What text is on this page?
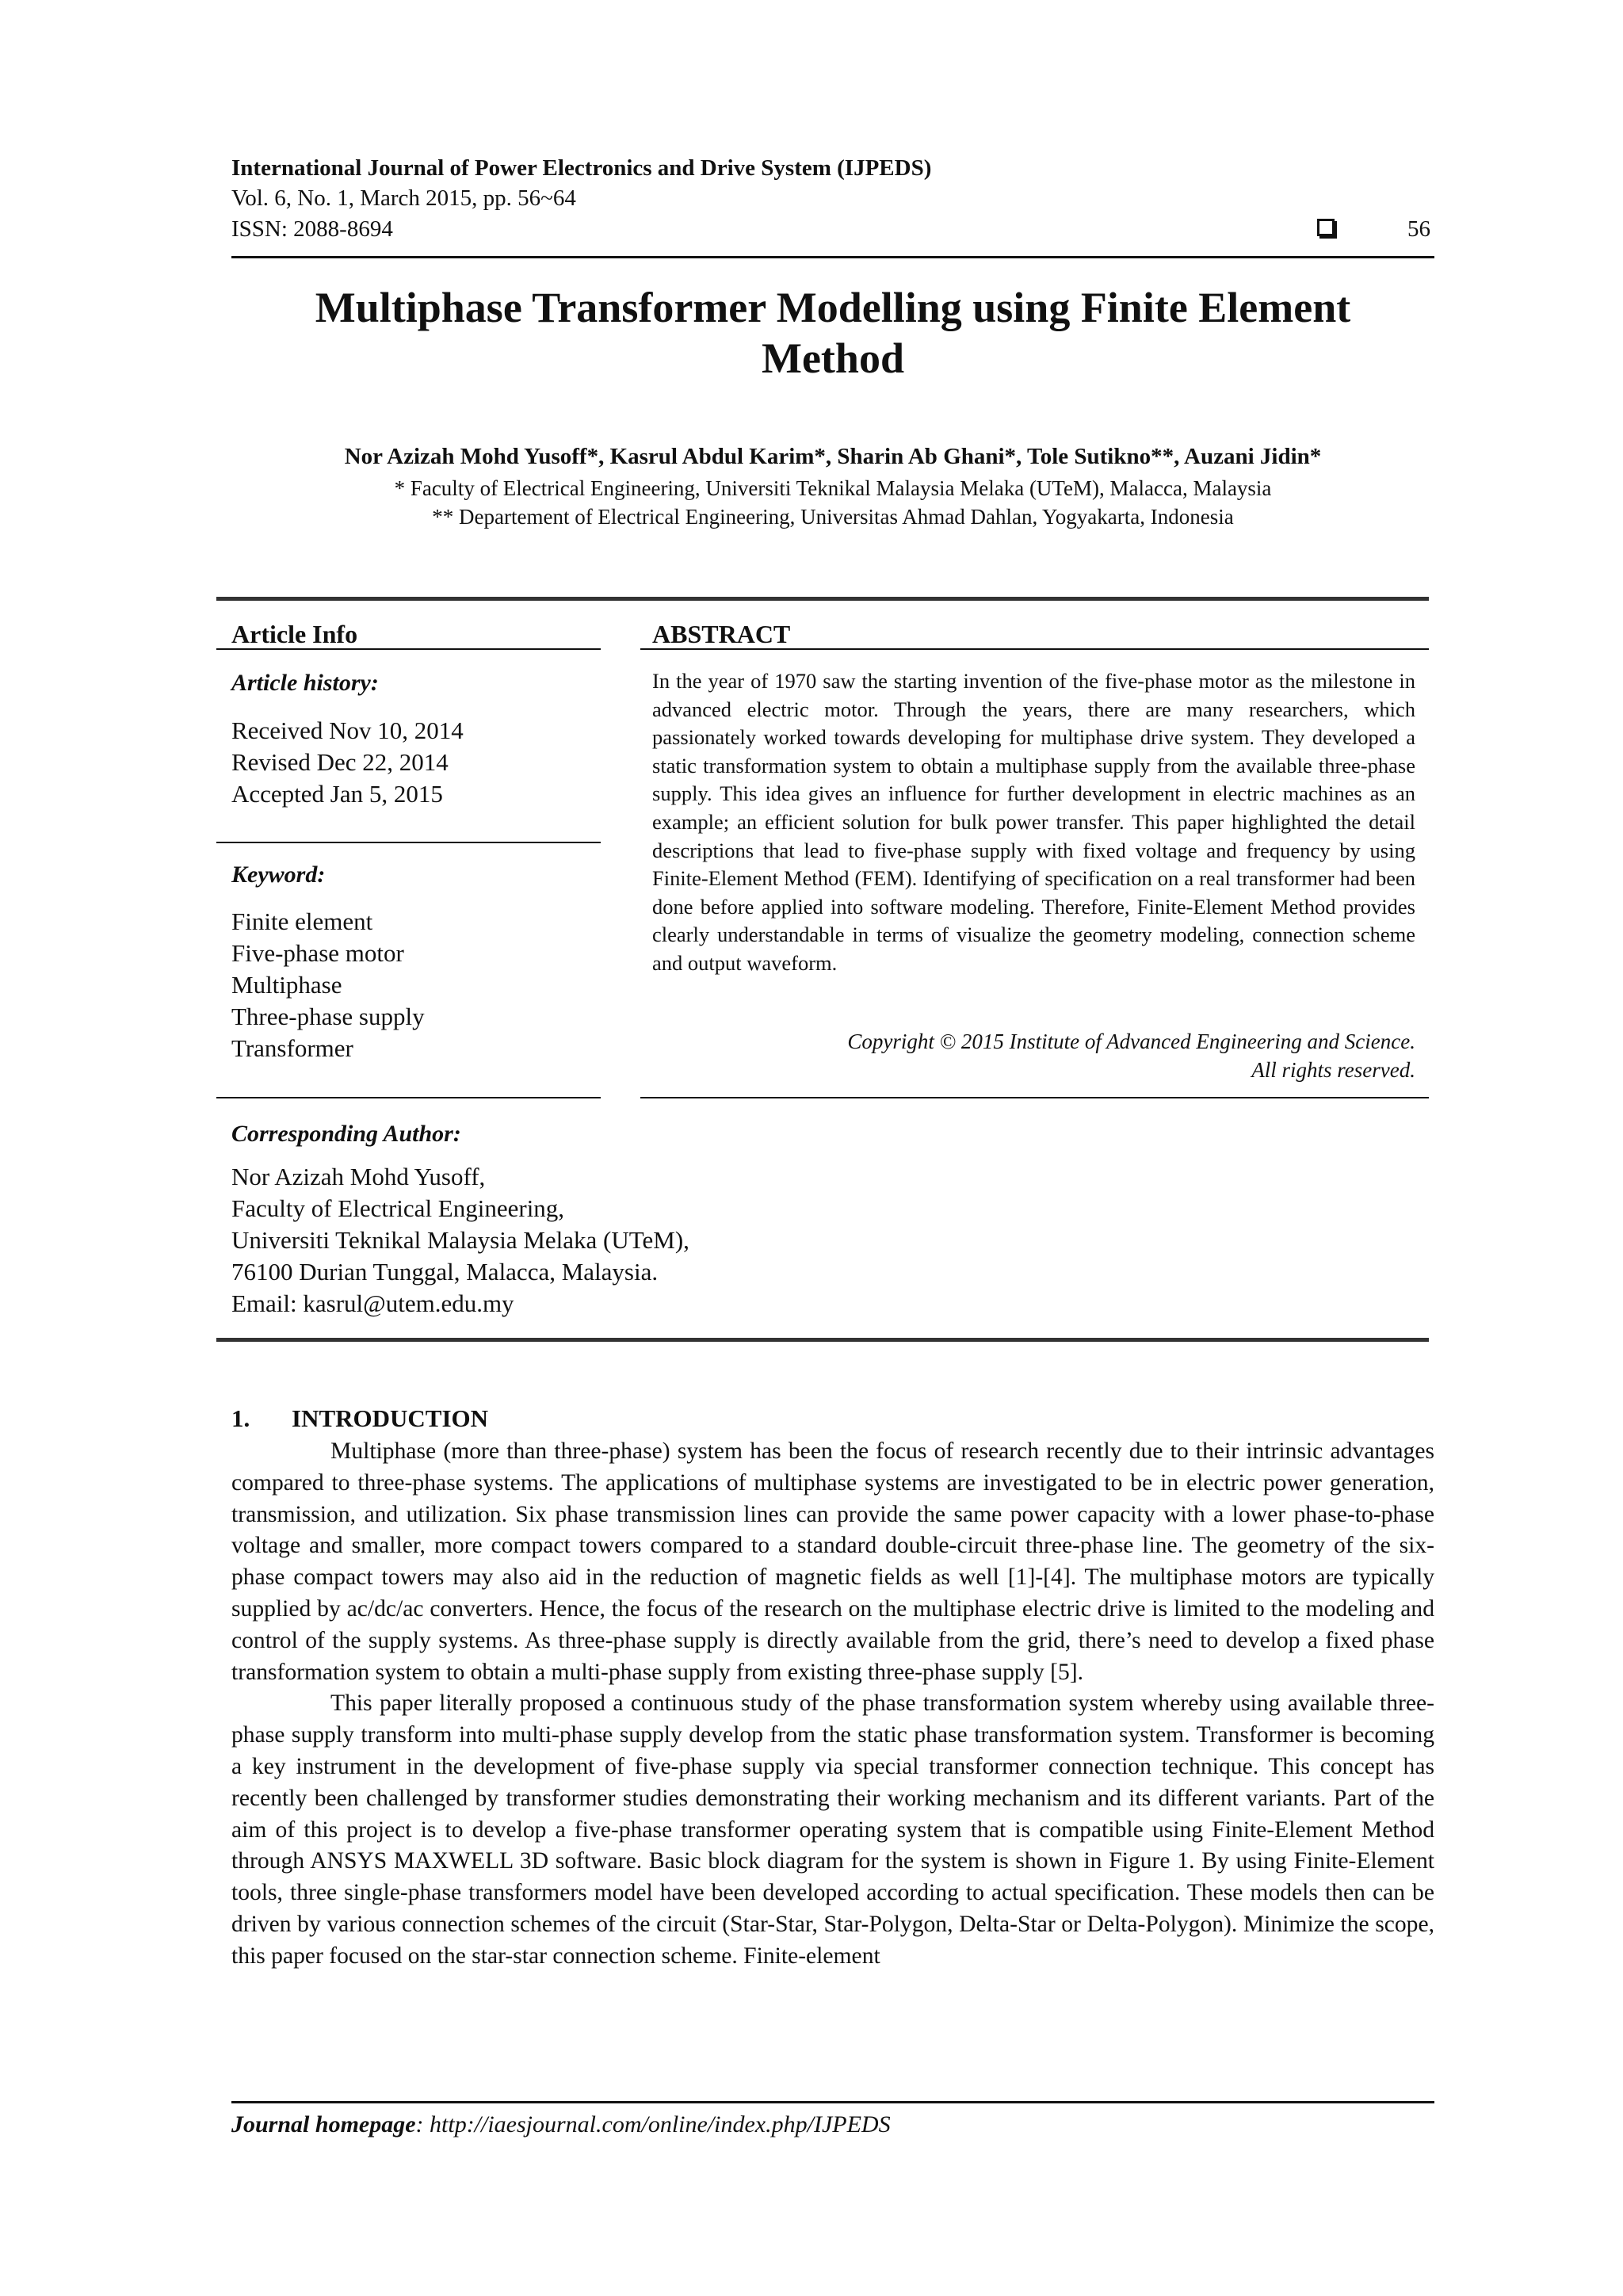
International Journal of Power Electronics and Drive System (IJPEDS)
Vol. 6, No. 1, March 2015, pp. 56~64
ISSN: 2088-8694	56
Multiphase Transformer Modelling using Finite Element
Method
Nor Azizah Mohd Yusoff*, Kasrul Abdul Karim*, Sharin Ab Ghani*, Tole Sutikno**, Auzani Jidin*
* Faculty of Electrical Engineering, Universiti Teknikal Malaysia Melaka (UTeM), Malacca, Malaysia
** Departement of Electrical Engineering, Universitas Ahmad Dahlan, Yogyakarta, Indonesia
Article Info	ABSTRACT
Article history:
Received Nov 10, 2014
Revised Dec 22, 2014
Accepted Jan 5, 2015
Keyword:
Finite element
Five-phase motor
Multiphase
Three-phase supply
Transformer

In the year of 1970 saw the starting invention of the five-phase motor as the milestone in advanced electric motor. Through the years, there are many researchers, which passionately worked towards developing for multiphase drive system. They developed a static transformation system to obtain a multiphase supply from the available three-phase supply. This idea gives an influence for further development in electric machines as an example; an efficient solution for bulk power transfer. This paper highlighted the detail descriptions that lead to five-phase supply with fixed voltage and frequency by using Finite-Element Method (FEM). Identifying of specification on a real transformer had been done before applied into software modeling. Therefore, Finite-Element Method provides clearly understandable in terms of visualize the geometry modeling, connection scheme and output waveform.

Copyright © 2015 Institute of Advanced Engineering and Science.
All rights reserved.
Corresponding Author:
Nor Azizah Mohd Yusoff,
Faculty of Electrical Engineering,
Universiti Teknikal Malaysia Melaka (UTeM),
76100 Durian Tunggal, Malacca, Malaysia.
Email: kasrul@utem.edu.my
1. INTRODUCTION

Multiphase (more than three-phase) system has been the focus of research recently due to their intrinsic advantages compared to three-phase systems. The applications of multiphase systems are investigated to be in electric power generation, transmission, and utilization. Six phase transmission lines can provide the same power capacity with a lower phase-to-phase voltage and smaller, more compact towers compared to a standard double-circuit three-phase line. The geometry of the six-phase compact towers may also aid in the reduction of magnetic fields as well [1]-[4]. The multiphase motors are typically supplied by ac/dc/ac converters. Hence, the focus of the research on the multiphase electric drive is limited to the modeling and control of the supply systems. As three-phase supply is directly available from the grid, there’s need to develop a fixed phase transformation system to obtain a multi-phase supply from existing three-phase supply [5].

This paper literally proposed a continuous study of the phase transformation system whereby using available three-phase supply transform into multi-phase supply develop from the static phase transformation system. Transformer is becoming a key instrument in the development of five-phase supply via special transformer connection technique. This concept has recently been challenged by transformer studies demonstrating their working mechanism and its different variants. Part of the aim of this project is to develop a five-phase transformer operating system that is compatible using Finite-Element Method through ANSYS MAXWELL 3D software. Basic block diagram for the system is shown in Figure 1. By using Finite-Element tools, three single-phase transformers model have been developed according to actual specification. These models then can be driven by various connection schemes of the circuit (Star-Star, Star-Polygon, Delta-Star or Delta-Polygon). Minimize the scope, this paper focused on the star-star connection scheme. Finite-element

Journal homepage: http://iaesjournal.com/online/index.php/IJPEDS
